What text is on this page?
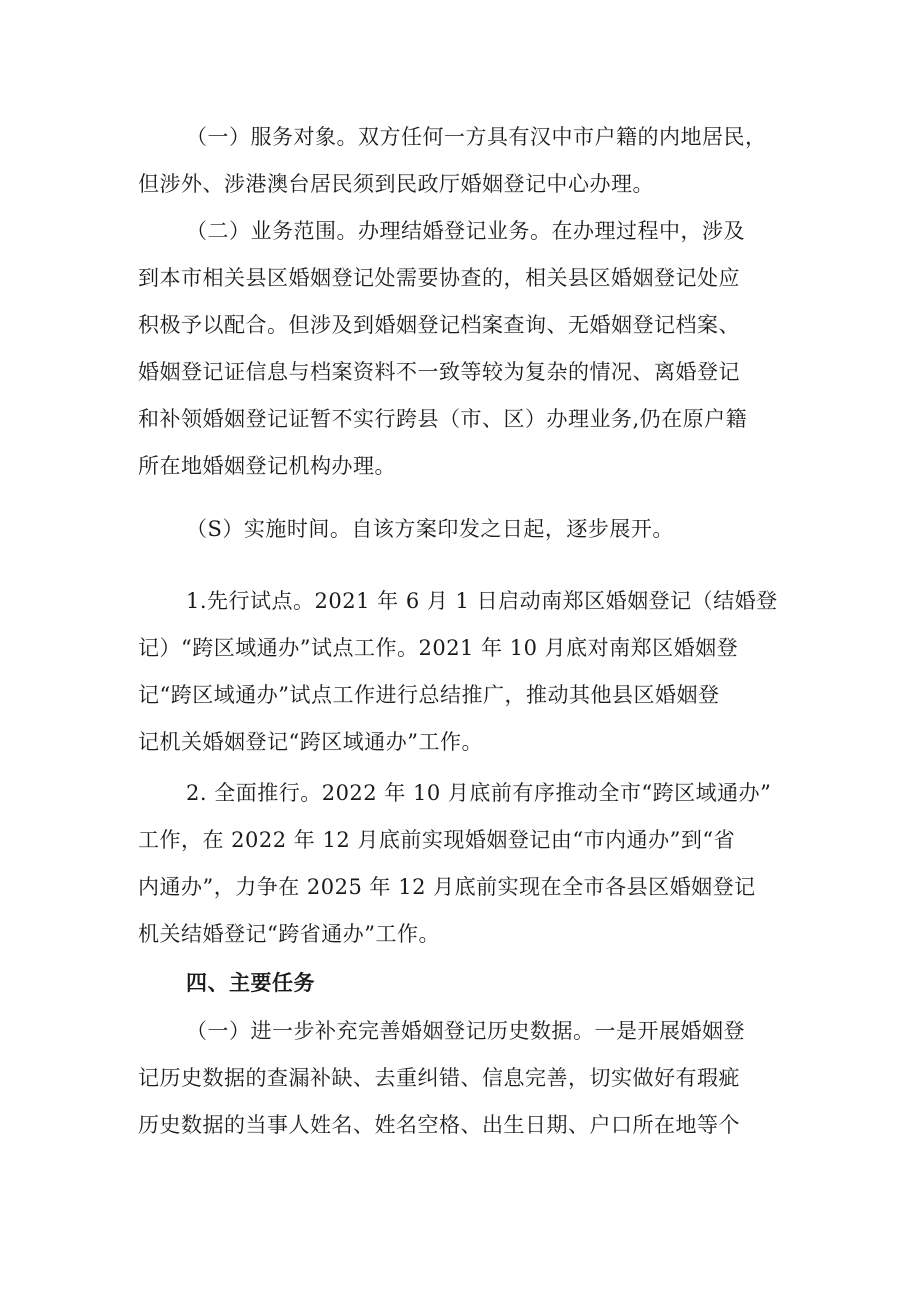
（一）服务对象。双方任何一方具有汉中市户籍的内地居民，
但涉外、涉港澳台居民须到民政厅婚姻登记中心办理。

（二）业务范围。办理结婚登记业务。在办理过程中，涉及
到本市相关县区婚姻登记处需要协查的，相关县区婚姻登记处应
积极予以配合。但涉及到婚姻登记档案查询、无婚姻登记档案、
婚姻登记证信息与档案资料不一致等较为复杂的情况、离婚登记
和补领婚姻登记证暂不实行跨县（市、区）办理业务,仍在原户籍
所在地婚姻登记机构办理。

（S）实施时间。自该方案印发之日起，逐步展开。

1.先行试点。2021 年 6 月 1 日启动南郑区婚姻登记（结婚登
记）“跨区域通办”试点工作。2021 年 10 月底对南郑区婚姻登
记“跨区域通办”试点工作进行总结推广，推动其他县区婚姻登
记机关婚姻登记“跨区域通办”工作。

2. 全面推行。2022 年 10 月底前有序推动全市“跨区域通办”
工作，在 2022 年 12 月底前实现婚姻登记由“市内通办”到“省
内通办”，力争在 2025 年 12 月底前实现在全市各县区婚姻登记
机关结婚登记“跨省通办”工作。

四、主要任务

（一）进一步补充完善婚姻登记历史数据。一是开展婚姻登
记历史数据的查漏补缺、去重纠错、信息完善，切实做好有瑕疵
历史数据的当事人姓名、姓名空格、出生日期、户口所在地等个
